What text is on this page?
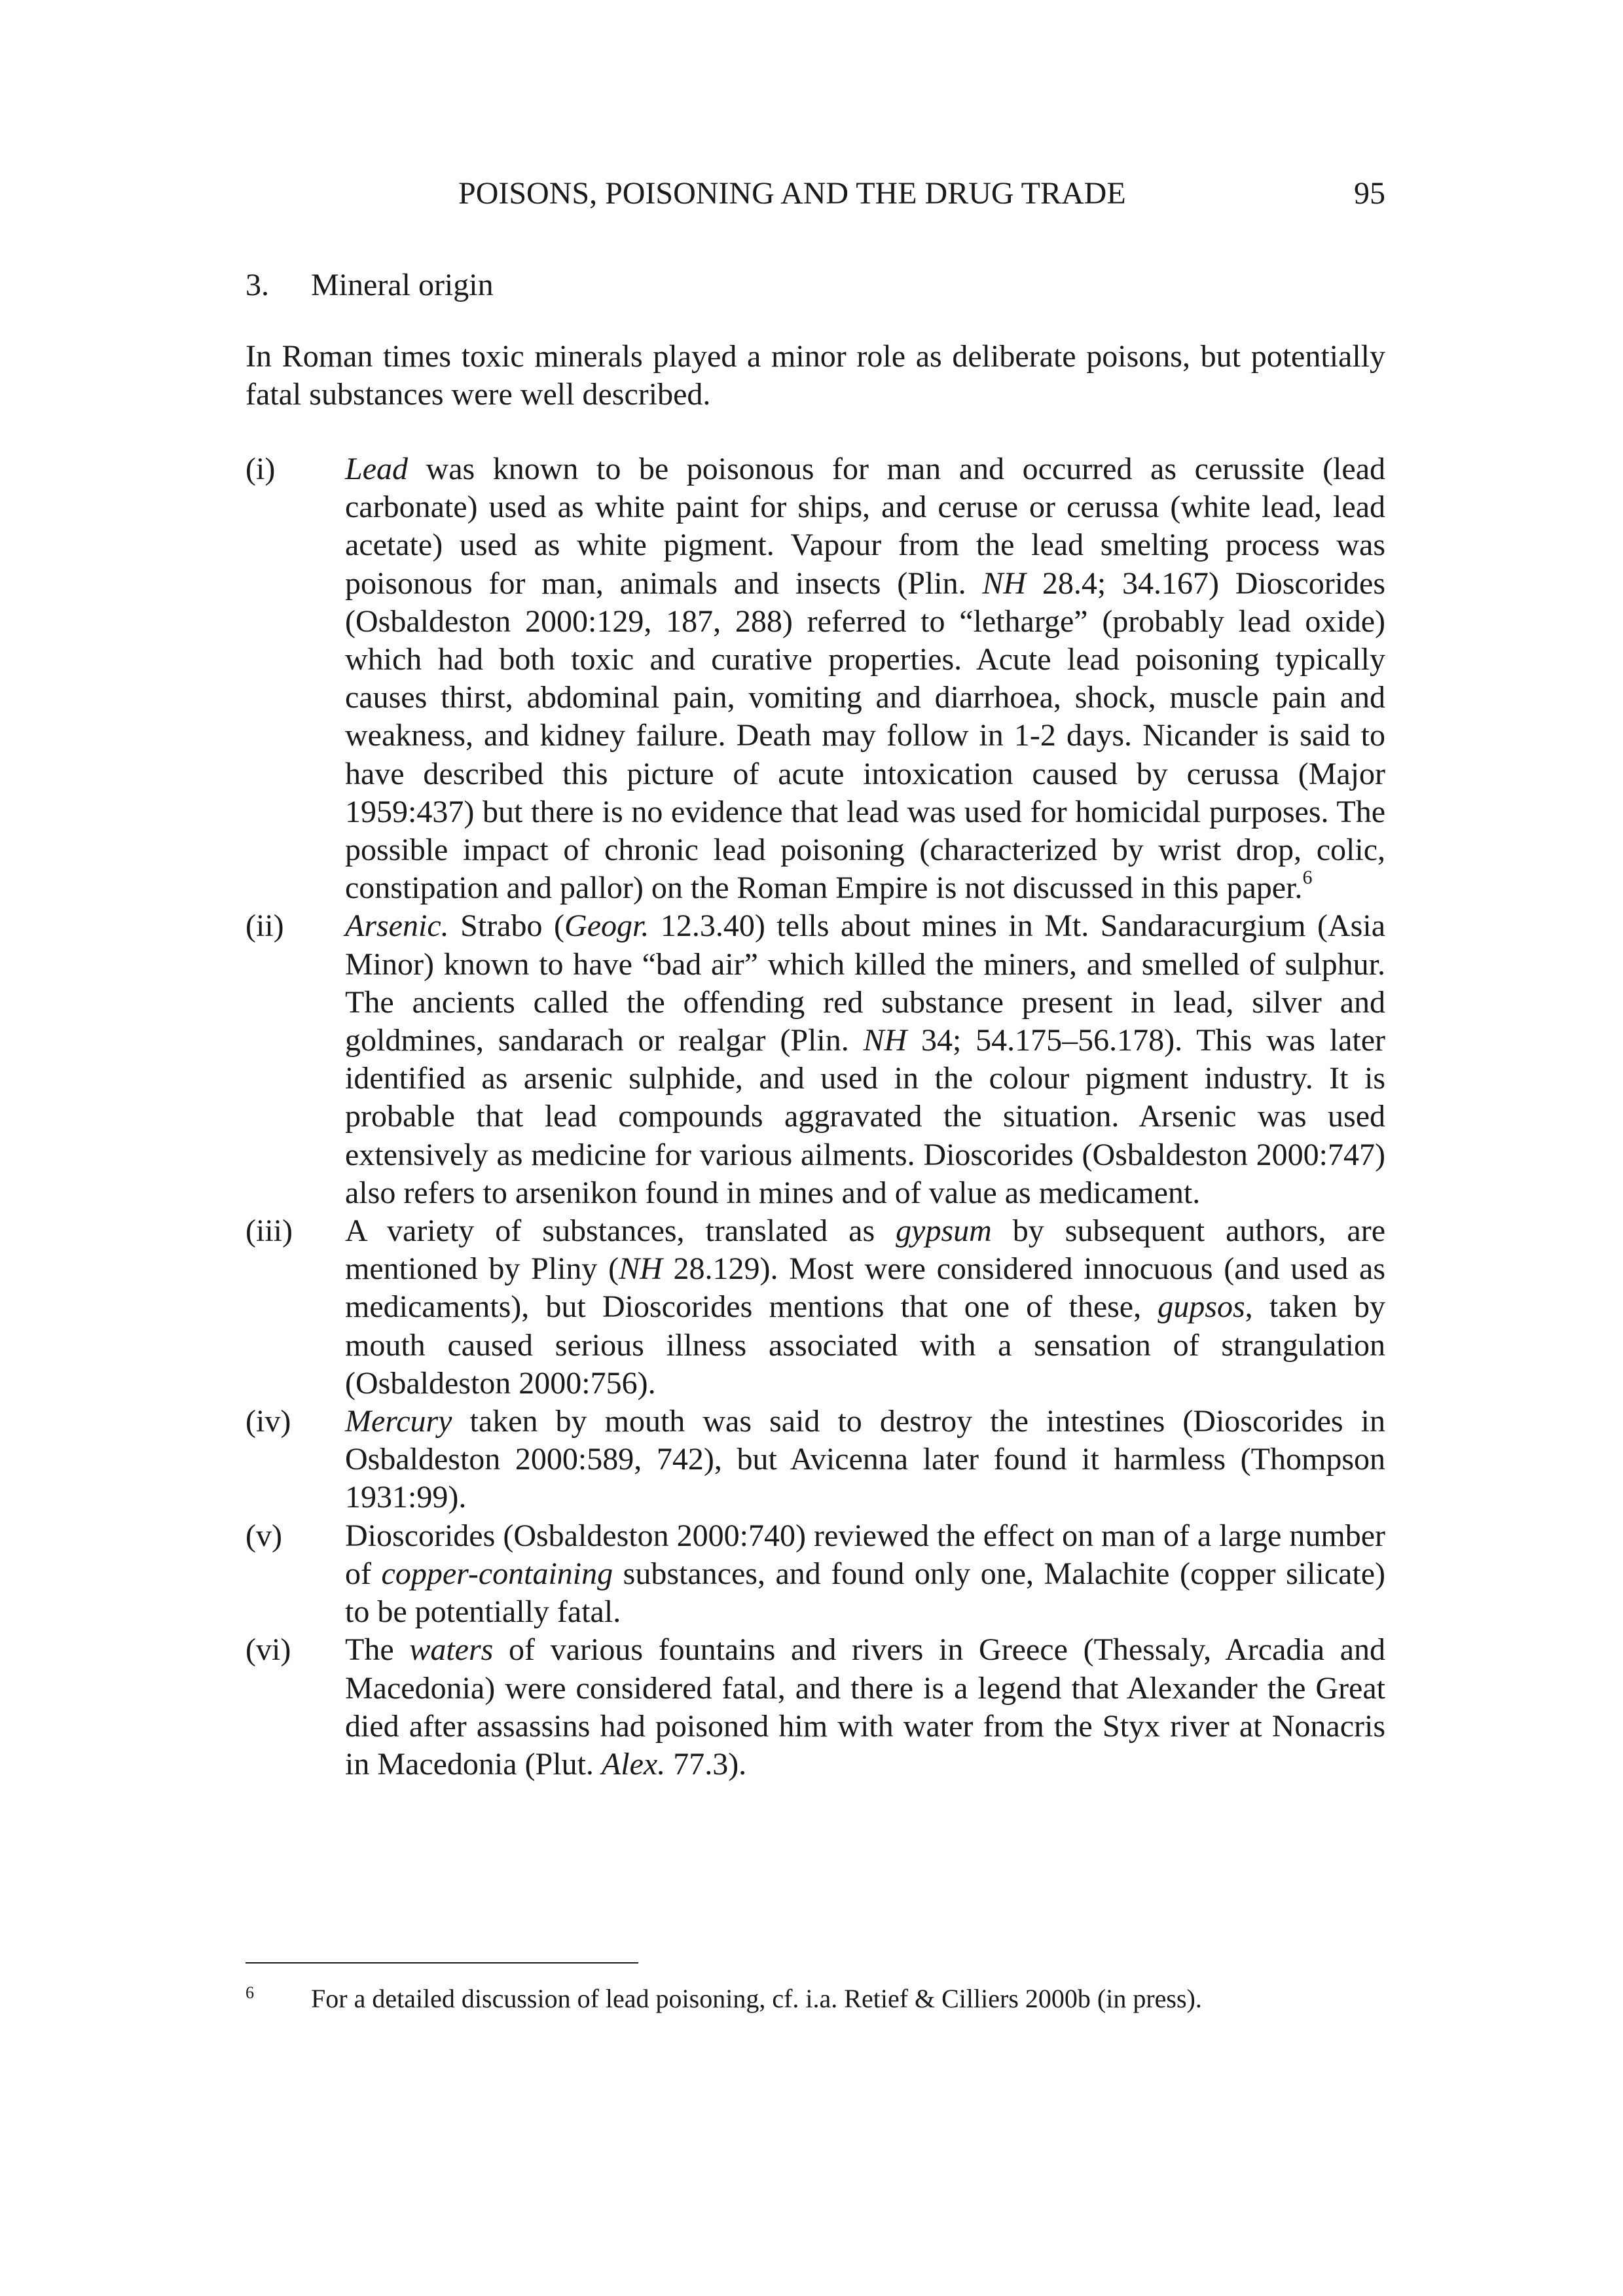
POISONS, POISONING AND THE DRUG TRADE	95
3. Mineral origin

In Roman times toxic minerals played a minor role as deliberate poisons, but potentially fatal substances were well described.

(i)	Lead was known to be poisonous for man and occurred as cerussite (lead carbonate) used as white paint for ships, and ceruse or cerussa (white lead, lead acetate) used as white pigment. Vapour from the lead smelting process was poisonous for man, animals and insects (Plin. NH 28.4; 34.167) Dioscorides (Osbaldeston 2000:129, 187, 288) referred to “letharge” (probably lead oxide) which had both toxic and curative properties. Acute lead poisoning typically causes thirst, abdominal pain, vomiting and diarrhoea, shock, muscle pain and weakness, and kidney failure. Death may follow in 1-2 days. Nicander is said to have described this picture of acute intoxication caused by cerussa (Major 1959:437) but there is no evidence that lead was used for homicidal purposes. The possible impact of chronic lead poisoning (characterized by wrist drop, colic, constipation and pallor) on the Roman Empire is not discussed in this paper.$^6$
(ii)	Arsenic. Strabo (Geogr. 12.3.40) tells about mines in Mt. Sandaracurgium (Asia Minor) known to have “bad air” which killed the miners, and smelled of sulphur. The ancients called the offending red substance present in lead, silver and goldmines, sandarach or realgar (Plin. NH 34; 54.175–56.178). This was later identified as arsenic sulphide, and used in the colour pigment industry. It is probable that lead compounds aggravated the situation. Arsenic was used extensively as medicine for various ailments. Dioscorides (Osbaldeston 2000:747) also refers to arsenikon found in mines and of value as medicament.
(iii)	A variety of substances, translated as gypsum by subsequent authors, are mentioned by Pliny (NH 28.129). Most were considered innocuous (and used as medicaments), but Dioscorides mentions that one of these, gupsos, taken by mouth caused serious illness associated with a sensation of strangulation (Osbaldeston 2000:756).
(iv)	Mercury taken by mouth was said to destroy the intestines (Dioscorides in Osbaldeston 2000:589, 742), but Avicenna later found it harmless (Thompson 1931:99).
(v)	Dioscorides (Osbaldeston 2000:740) reviewed the effect on man of a large number of copper-containing substances, and found only one, Malachite (copper silicate) to be potentially fatal.
(vi)	The waters of various fountains and rivers in Greece (Thessaly, Arcadia and Macedonia) were considered fatal, and there is a legend that Alexander the Great died after assassins had poisoned him with water from the Styx river at Nonacris in Macedonia (Plut. Alex. 77.3).
6	For a detailed discussion of lead poisoning, cf. i.a. Retief & Cilliers 2000b (in press).
